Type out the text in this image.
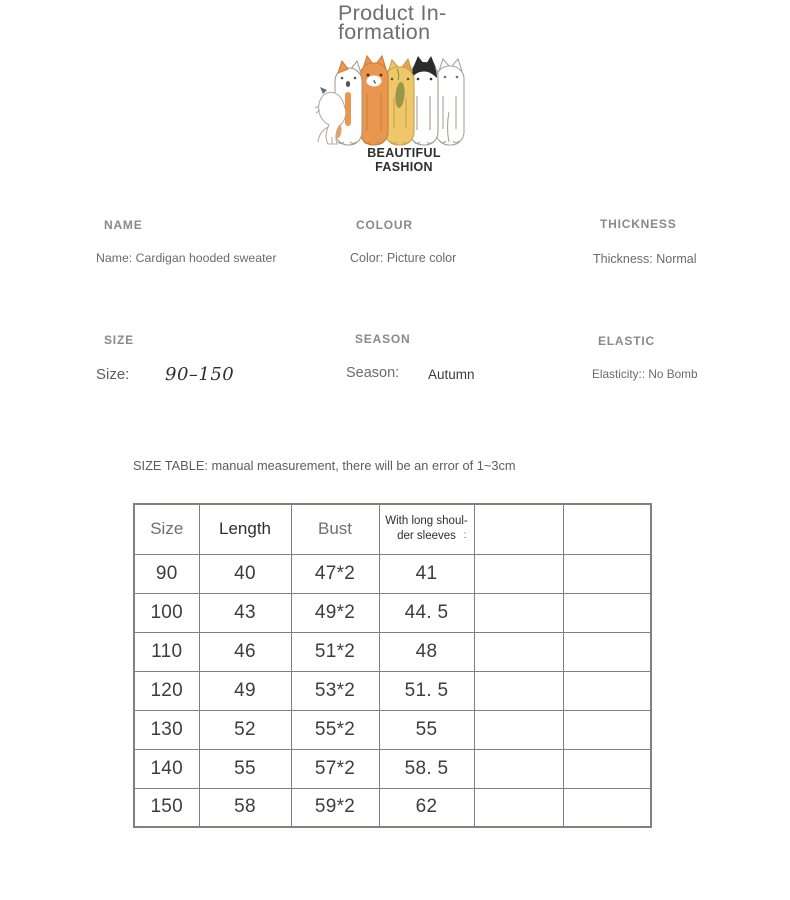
Product In-
formation
BEAUTIFUL FASHION
NAME
Name: Cardigan hooded sweater
COLOUR
Color: Picture color
THICKNESS
Thickness: Normal
SIZE
Size: 90–150
SEASON
Season: Autumn
ELASTIC
Elasticity:: No Bomb
SIZE TABLE: manual measurement, there will be an error of 1~3cm
Size	Length	Bust	With long shoul-der sleeves :		

90	40	47*2	41		
100	43	49*2	44. 5		
110	46	51*2	48		
120	49	53*2	51. 5		
130	52	55*2	55		
140	55	57*2	58. 5		
150	58	59*2	62		
